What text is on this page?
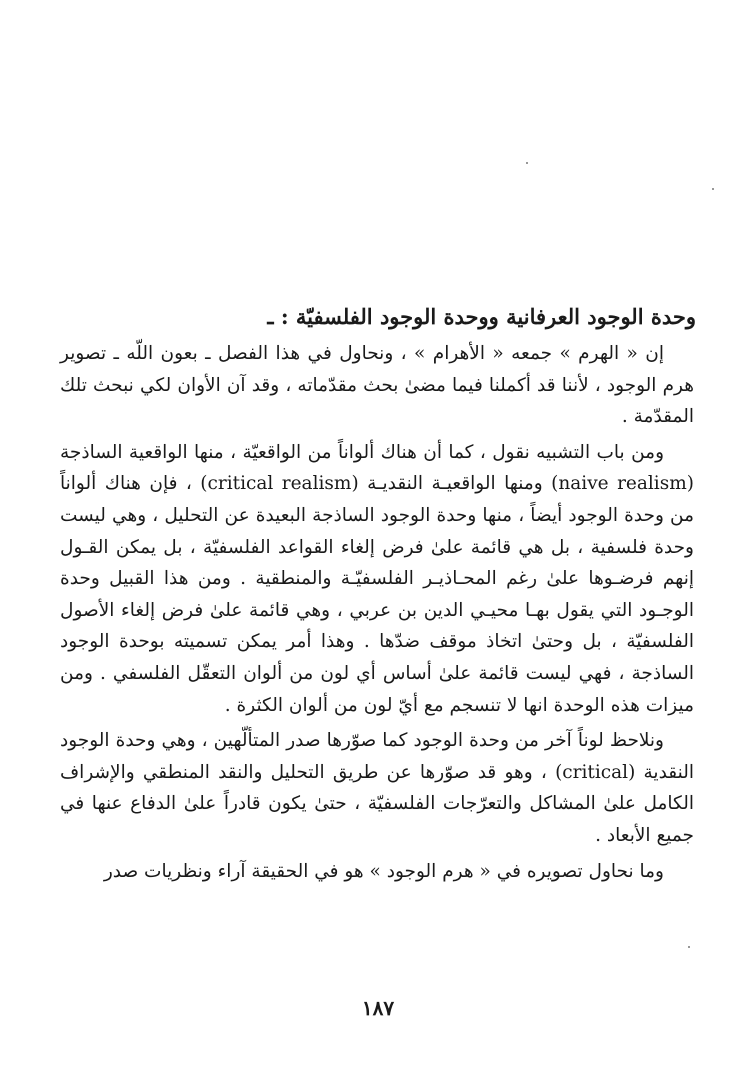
وحدة الوجود العرفانية ووحدة الوجود الفلسفيّة : ـ

إن « الهرم » جمعه « الأهرام » ، ونحاول في هذا الفصل ـ بعون اللّه ـ تصوير هرم الوجود ، لأننا قد أكملنا فيما مضىٰ بحث مقدّماته ، وقد آن الأوان لكي نبحث تلك المقدّمة .

ومن باب التشبيه نقول ، كما أن هناك ألواناً من الواقعيّة ، منها الواقعية الساذجة (naive realism) ومنها الواقعيـة النقديـة (critical realism) ، فإن هناك ألواناً من وحدة الوجود أيضاً ، منها وحدة الوجود الساذجة البعيدة عن التحليل ، وهي ليست وحدة فلسفية ، بل هي قائمة علىٰ فرض إلغاء القواعد الفلسفيّة ، بل يمكن القـول إنهم فرضـوها علىٰ رغم المحـاذيـر الفلسفيّـة والمنطقية . ومن هذا القبيل وحدة الوجـود التي يقول بهـا محيـي الدين بن عربي ، وهي قائمة علىٰ فرض إلغاء الأصول الفلسفيّة ، بل وحتىٰ اتخاذ موقف ضدّها . وهذا أمر يمكن تسميته بوحدة الوجود الساذجة ، فهي ليست قائمة علىٰ أساس أي لون من ألوان التعقّل الفلسفي . ومن ميزات هذه الوحدة انها لا تنسجم مع أيّ لون من ألوان الكثرة .

ونلاحظ لوناً آخر من وحدة الوجود كما صوّرها صدر المتألّهين ، وهي وحدة الوجود النقدية (critical) ، وهو قد صوّرها عن طريق التحليل والنقد المنطقي والإشراف الكامل علىٰ المشاكل والتعرّجات الفلسفيّة ، حتىٰ يكون قادراً علىٰ الدفاع عنها في جميع الأبعاد .

وما نحاول تصويره في « هرم الوجود » هو في الحقيقة آراء ونظريات صدر

١٨٧
